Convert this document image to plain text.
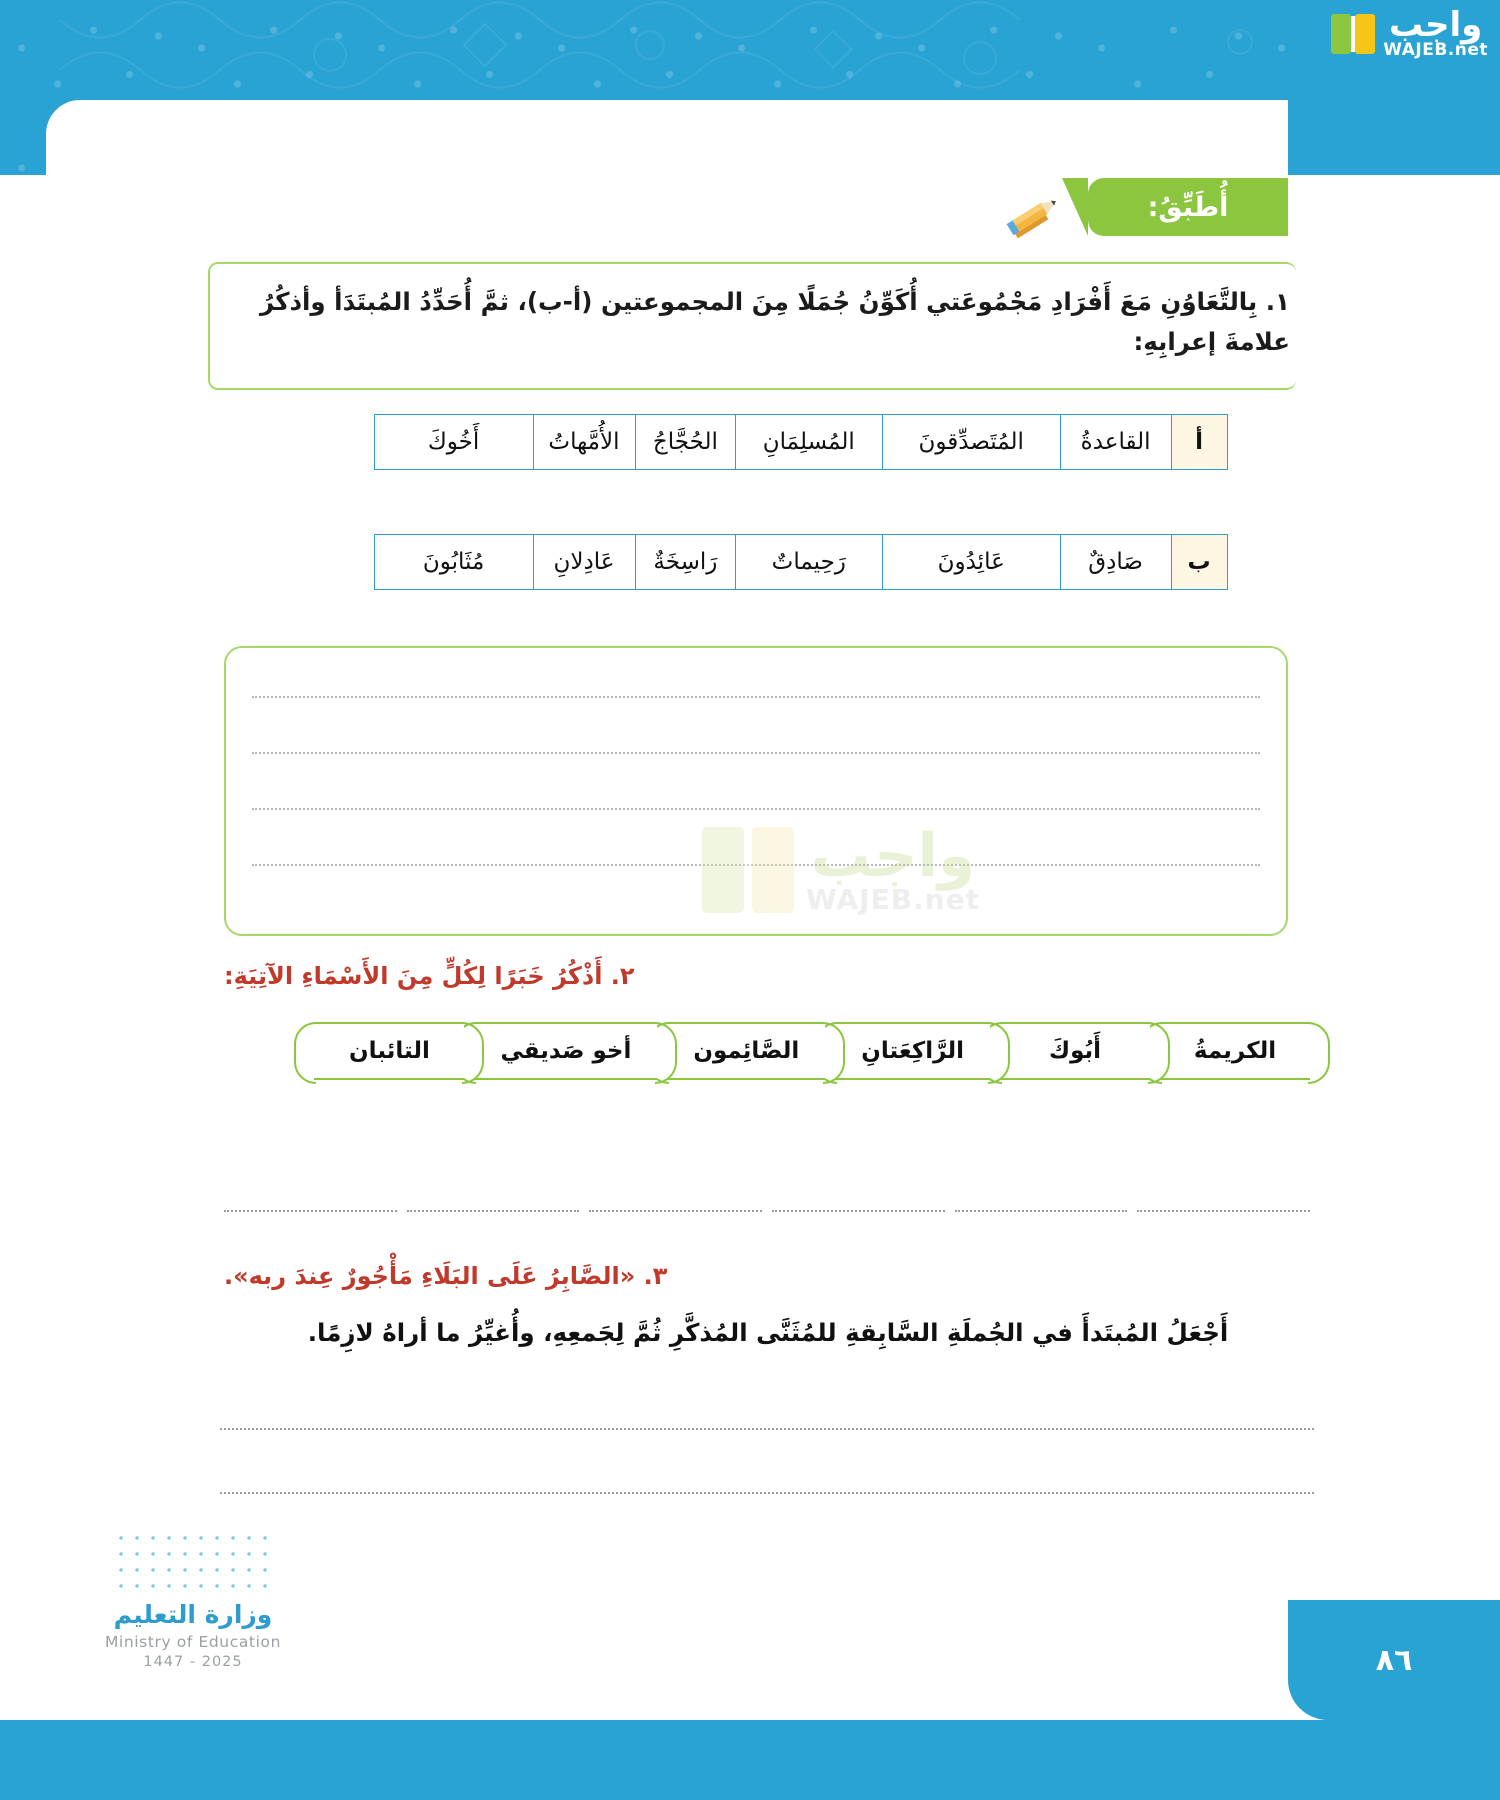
واجب
WAJEB.net
أُطَبِّقُ:
١. بِالتَّعَاوُنِ مَعَ أَفْرَادِ مَجْمُوعَتي أُكَوِّنُ جُمَلًا مِنَ المجموعتين (أ-ب)، ثمَّ أُحَدِّدُ المُبتَدَأ وأذكُرُ علامةَ إعرابِهِ:
أ
القاعدةُ
المُتَصدِّقونَ
المُسلِمَانِ
الحُجَّاجُ
الأُمَّهاتُ
أَخُوكَ
ب
صَادِقٌ
عَائِدُونَ
رَحِيماتٌ
رَاسِخَةٌ
عَادِلانِ
مُثَابُونَ
واجب
WAJEB.net
٢. أَذْكُرُ خَبَرًا لِكُلٍّ مِنَ الأَسْمَاءِ الآتِيَةِ:
الكريمةُ
أَبُوكَ
الرَّاكِعَتانِ
الصَّائِمون
أخو صَديقي
التائبان
٣. «الصَّابِرُ عَلَى البَلَاءِ مَأْجُورٌ عِندَ ربه».
أَجْعَلُ المُبتَدأَ في الجُملَةِ السَّابِقةِ للمُثَنَّى المُذكَّرِ ثُمَّ لِجَمعِهِ، وأُغيِّرُ ما أراهُ لازِمًا.
وزارة التعليم
Ministry of Education
2025 - 1447	٨٦
